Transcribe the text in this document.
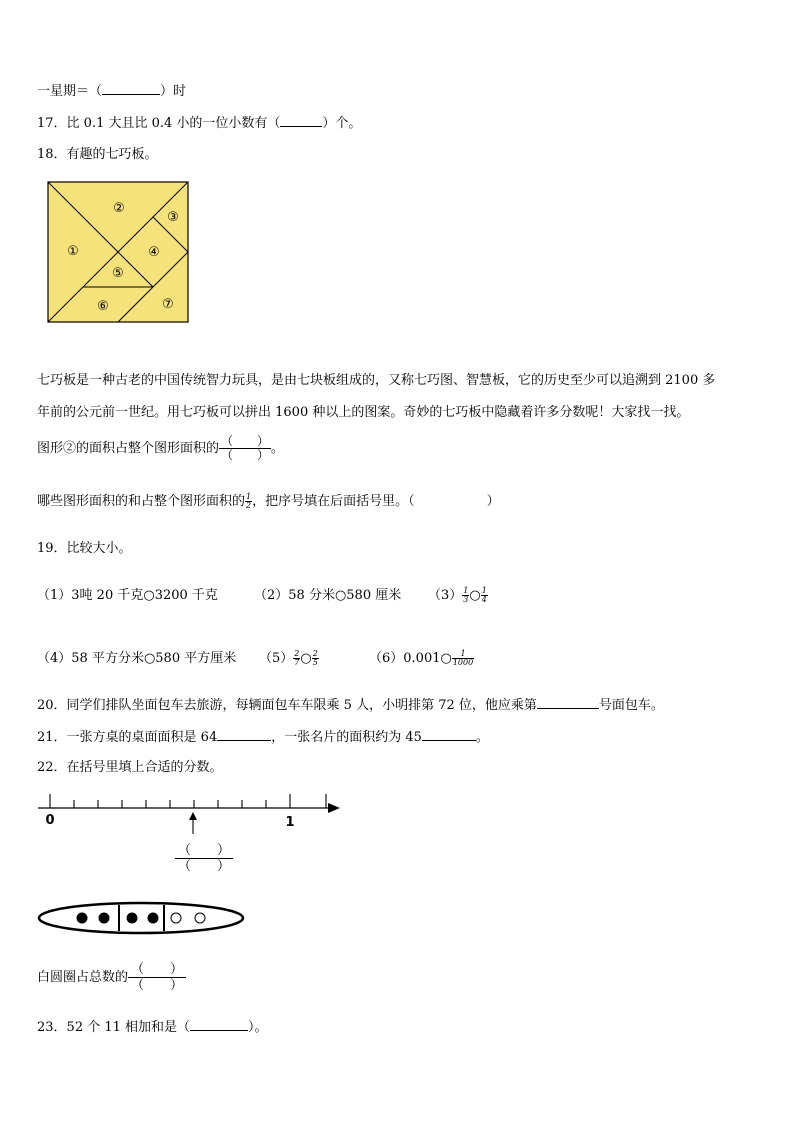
一星期＝（	）时
17．比 0.1 大且比 0.4 小的一位小数有（	）个。
18．有趣的七巧板。
①
②
③
④
⑤
⑥	⑦
七巧板是一种古老的中国传统智力玩具，是由七块板组成的，又称七巧图、智慧板，它的历史至少可以追溯到 2100 多
年前的公元前一世纪。用七巧板可以拼出 1600 种以上的图案。奇妙的七巧板中隐藏着许多分数呢！大家找一找。
图形②的面积占整个图形面积的 $\frac{( )}{( )}$ 。
哪些图形面积的和占整个图形面积的 $\frac{1}{2}$ ，把序号填在后面括号里。（	）
19．比较大小。
（1）3吨 20 千克○3200 千克	（2）58 分米○580 厘米 $(3) \frac{1}{3}$ ○ $\frac{1}{4}$
（4）58 平方分米○580 平方厘米 $(5) \frac{2}{7}$ ○ $\frac{2}{5}$	（6）0.001○ $\frac{1}{1000}$
20．同学们排队坐面包车去旅游，每辆面包车车限乘 5 人，小明排第 72 位，他应乘第	号面包车。
21．一张方桌的桌面面积是 64	，一张名片的面积约为 45	。
22．在括号里填上合适的分数。
0	1
（　　）
（　　）
白圆圈占总数的 $\frac{( )}{( )}$
23．52 个 11 相加和是（	）。
